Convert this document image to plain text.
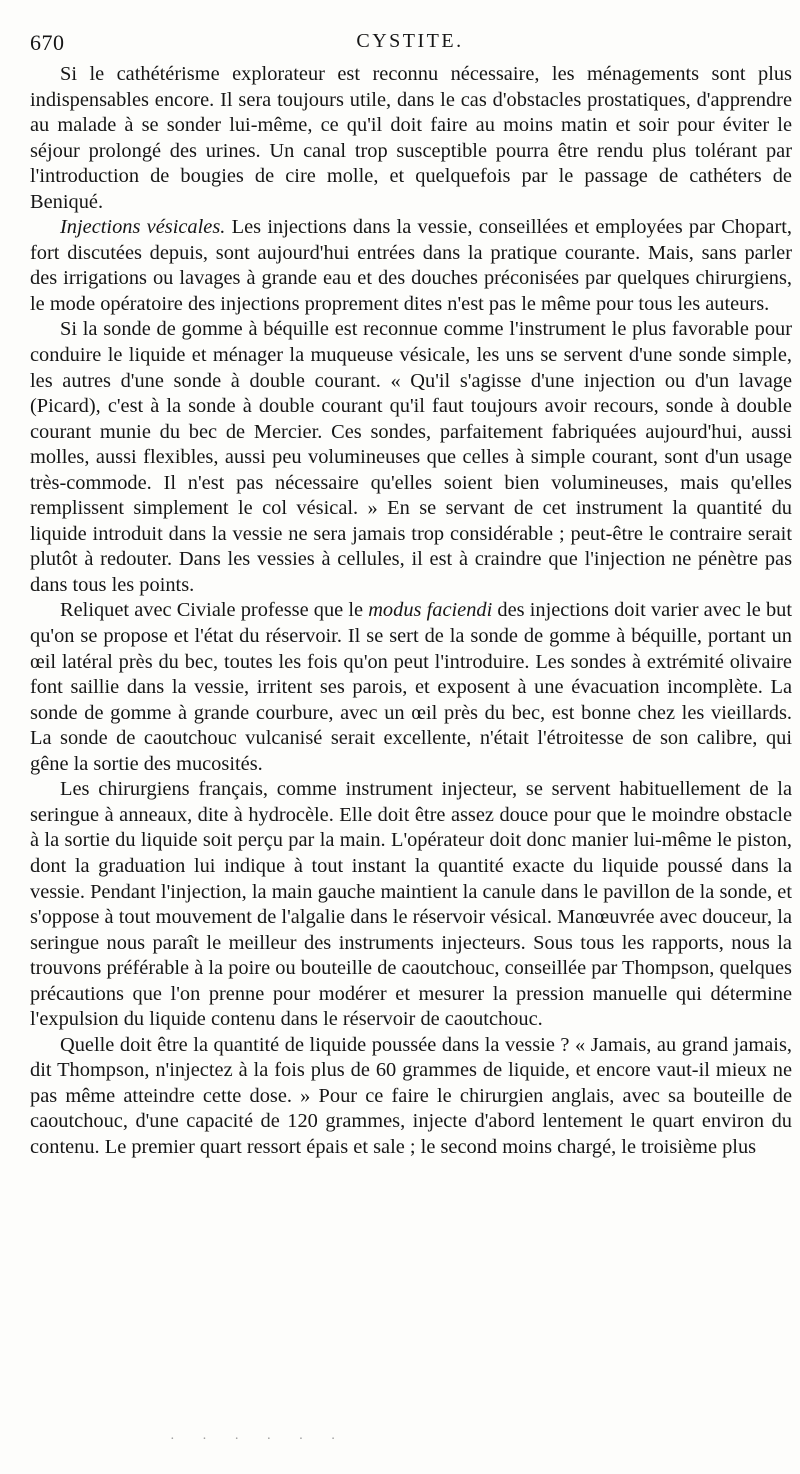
670	CYSTITE.

Si le cathétérisme explorateur est reconnu nécessaire, les ménagements sont plus indispensables encore. Il sera toujours utile, dans le cas d'obstacles prostatiques, d'apprendre au malade à se sonder lui-même, ce qu'il doit faire au moins matin et soir pour éviter le séjour prolongé des urines. Un canal trop susceptible pourra être rendu plus tolérant par l'introduction de bougies de cire molle, et quelquefois par le passage de cathéters de Beniqué.

Injections vésicales. Les injections dans la vessie, conseillées et employées par Chopart, fort discutées depuis, sont aujourd'hui entrées dans la pratique courante. Mais, sans parler des irrigations ou lavages à grande eau et des douches préconisées par quelques chirurgiens, le mode opératoire des injections proprement dites n'est pas le même pour tous les auteurs.

Si la sonde de gomme à béquille est reconnue comme l'instrument le plus favorable pour conduire le liquide et ménager la muqueuse vésicale, les uns se servent d'une sonde simple, les autres d'une sonde à double courant. « Qu'il s'agisse d'une injection ou d'un lavage (Picard), c'est à la sonde à double courant qu'il faut toujours avoir recours, sonde à double courant munie du bec de Mercier. Ces sondes, parfaitement fabriquées aujourd'hui, aussi molles, aussi flexibles, aussi peu volumineuses que celles à simple courant, sont d'un usage très-commode. Il n'est pas nécessaire qu'elles soient bien volumineuses, mais qu'elles remplissent simplement le col vésical. » En se servant de cet instrument la quantité du liquide introduit dans la vessie ne sera jamais trop considérable ; peut-être le contraire serait plutôt à redouter. Dans les vessies à cellules, il est à craindre que l'injection ne pénètre pas dans tous les points.

Reliquet avec Civiale professe que le modus faciendi des injections doit varier avec le but qu'on se propose et l'état du réservoir. Il se sert de la sonde de gomme à béquille, portant un œil latéral près du bec, toutes les fois qu'on peut l'introduire. Les sondes à extrémité olivaire font saillie dans la vessie, irritent ses parois, et exposent à une évacuation incomplète. La sonde de gomme à grande courbure, avec un œil près du bec, est bonne chez les vieillards. La sonde de caoutchouc vulcanisé serait excellente, n'était l'étroitesse de son calibre, qui gêne la sortie des mucosités.

Les chirurgiens français, comme instrument injecteur, se servent habituellement de la seringue à anneaux, dite à hydrocèle. Elle doit être assez douce pour que le moindre obstacle à la sortie du liquide soit perçu par la main. L'opérateur doit donc manier lui-même le piston, dont la graduation lui indique à tout instant la quantité exacte du liquide poussé dans la vessie. Pendant l'injection, la main gauche maintient la canule dans le pavillon de la sonde, et s'oppose à tout mouvement de l'algalie dans le réservoir vésical. Manœuvrée avec douceur, la seringue nous paraît le meilleur des instruments injecteurs. Sous tous les rapports, nous la trouvons préférable à la poire ou bouteille de caoutchouc, conseillée par Thompson, quelques précautions que l'on prenne pour modérer et mesurer la pression manuelle qui détermine l'expulsion du liquide contenu dans le réservoir de caoutchouc.

Quelle doit être la quantité de liquide poussée dans la vessie ? « Jamais, au grand jamais, dit Thompson, n'injectez à la fois plus de 60 grammes de liquide, et encore vaut-il mieux ne pas même atteindre cette dose. » Pour ce faire le chirurgien anglais, avec sa bouteille de caoutchouc, d'une capacité de 120 grammes, injecte d'abord lentement le quart environ du contenu. Le premier quart ressort épais et sale ; le second moins chargé, le troisième plus

· · · · · ·
